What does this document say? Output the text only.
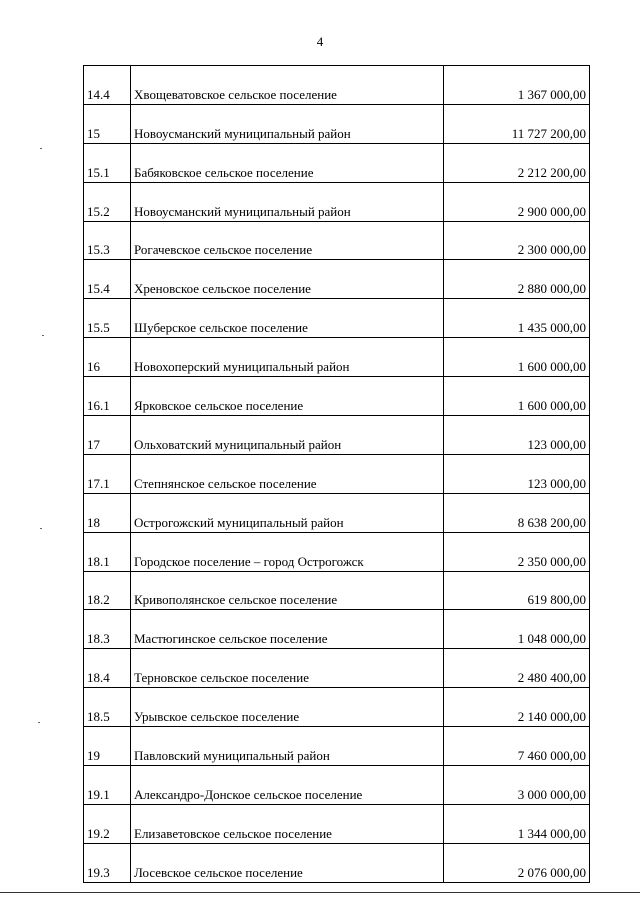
4
14.4	Хвощеватовское сельское поселение	1 367 000,00
15	Новоусманский муниципальный район	11 727 200,00
15.1	Бабяковское сельское поселение	2 212 200,00
15.2	Новоусманский муниципальный район	2 900 000,00
15.3	Рогачевское сельское поселение	2 300 000,00
15.4	Хреновское сельское поселение	2 880 000,00
15.5	Шуберское сельское поселение	1 435 000,00
16	Новохоперский муниципальный район	1 600 000,00
16.1	Ярковское сельское поселение	1 600 000,00
17	Ольховатский муниципальный район	123 000,00
17.1	Степнянское сельское поселение	123 000,00
18	Острогожский муниципальный район	8 638 200,00
18.1	Городское поселение – город Острогожск	2 350 000,00
18.2	Кривополянское сельское поселение	619 800,00
18.3	Мастюгинское сельское поселение	1 048 000,00
18.4	Терновское сельское поселение	2 480 400,00
18.5	Урывское сельское поселение	2 140 000,00
19	Павловский муниципальный район	7 460 000,00
19.1	Александро-Донское сельское поселение	3 000 000,00
19.2	Елизаветовское сельское поселение	1 344 000,00
19.3	Лосевское сельское поселение	2 076 000,00
